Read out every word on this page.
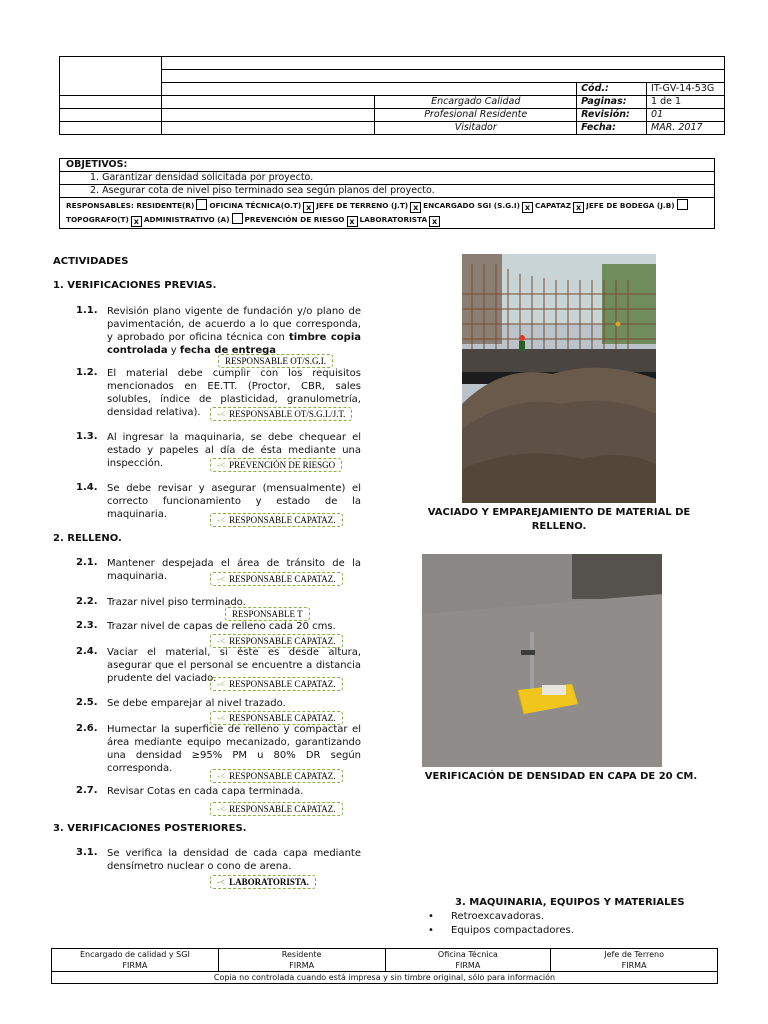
			Cód.:	IT-GV-14-53G
		Encargado Calidad	Paginas:	1 de 1
		Profesional Residente	Revisión:	01
		Visitador	Fecha:	MAR. 2017
OBJETIVOS:
1. Garantizar densidad solicitada por proyecto.
2. Asegurar cota de nivel piso terminado sea según planos del proyecto.
RESPONSABLES: RESIDENTE(R) OFICINA TÉCNICA(O.T) x JEFE DE TERRENO (J.T) x ENCARGADO SGI (S.G.I) x CAPATAZ x JEFE DE BODEGA (J.B)
TOPOGRAFO(T) x ADMINISTRATIVO (A) PREVENCIÓN DE RIESGO x LABORATORISTA x
ACTIVIDADES
1. VERIFICACIONES PREVIAS.
1.1. Revisión plano vigente de fundación y/o plano de pavimentación, de acuerdo a lo que corresponda, y aprobado por oficina técnica con timbre copia controlada y fecha de entrega
RESPONSABLE OT/S.G.I.
1.2. El material debe cumplir con los requisitos mencionados en EE.TT. (Proctor, CBR, sales solubles, índice de plasticidad, granulometría, densidad relativa).	-< RESPONSABLE OT/S.G.I./J.T.
1.3. Al ingresar la maquinaria, se debe chequear el estado y papeles al día de ésta mediante una inspección.	-< PREVENCIÓN DE RIESGO
1.4. Se debe revisar y asegurar (mensualmente) el correcto funcionamiento y estado de la maquinaria.	-< RESPONSABLE CAPATAZ.
2. RELLENO.
2.1. Mantener despejada el área de tránsito de la maquinaria.	-< RESPONSABLE CAPATAZ.
2.2. Trazar nivel piso terminado.
RESPONSABLE T
2.3. Trazar nivel de capas de relleno cada 20 cms.
-< RESPONSABLE CAPATAZ.
2.4. Vaciar el material, si éste es desde altura, asegurar que el personal se encuentre a distancia prudente del vaciado. -< RESPONSABLE CAPATAZ.
2.5. Se debe emparejar al nivel trazado.
-< RESPONSABLE CAPATAZ.
2.6. Humectar la superficie de relleno y compactar el área mediante equipo mecanizado, garantizando una densidad ≥95% PM u 80% DR según corresponda.
-< RESPONSABLE CAPATAZ.
2.7. Revisar Cotas en cada capa terminada.
-< RESPONSABLE CAPATAZ.
3. VERIFICACIONES POSTERIORES.
3.1. Se verifica la densidad de cada capa mediante densímetro nuclear o cono de arena.
-< LABORATORISTA.
VACIADO Y EMPAREJAMIENTO DE MATERIAL DE RELLENO.
VERIFICACIÓN DE DENSIDAD EN CAPA DE 20 CM.
3. MAQUINARIA, EQUIPOS Y MATERIALES
• Retroexcavadoras.
• Equipos compactadores.
Encargado de calidad y SGI
FIRMA

Residente
FIRMA

Oficina Técnica
FIRMA

Jefe de Terreno
FIRMA

Copia no controlada cuando está impresa y sin timbre original, sólo para información
